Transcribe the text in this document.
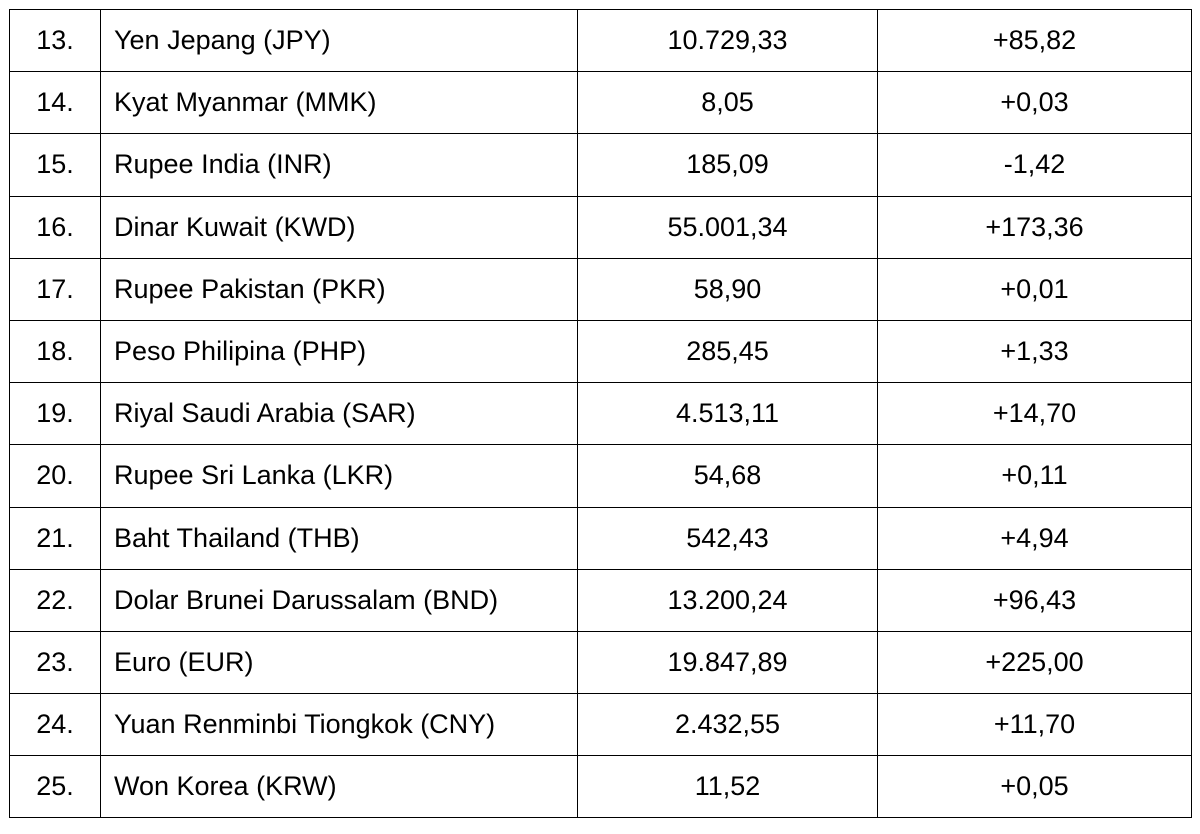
13.	Yen Jepang (JPY)	10.729,33	+85,82
14.	Kyat Myanmar (MMK)	8,05	+0,03
15.	Rupee India (INR)	185,09	-1,42
16.	Dinar Kuwait (KWD)	55.001,34	+173,36
17.	Rupee Pakistan (PKR)	58,90	+0,01
18.	Peso Philipina (PHP)	285,45	+1,33
19.	Riyal Saudi Arabia (SAR)	4.513,11	+14,70
20.	Rupee Sri Lanka (LKR)	54,68	+0,11
21.	Baht Thailand (THB)	542,43	+4,94
22.	Dolar Brunei Darussalam (BND)	13.200,24	+96,43
23.	Euro (EUR)	19.847,89	+225,00
24.	Yuan Renminbi Tiongkok (CNY)	2.432,55	+11,70
25.	Won Korea (KRW)	11,52	+0,05
